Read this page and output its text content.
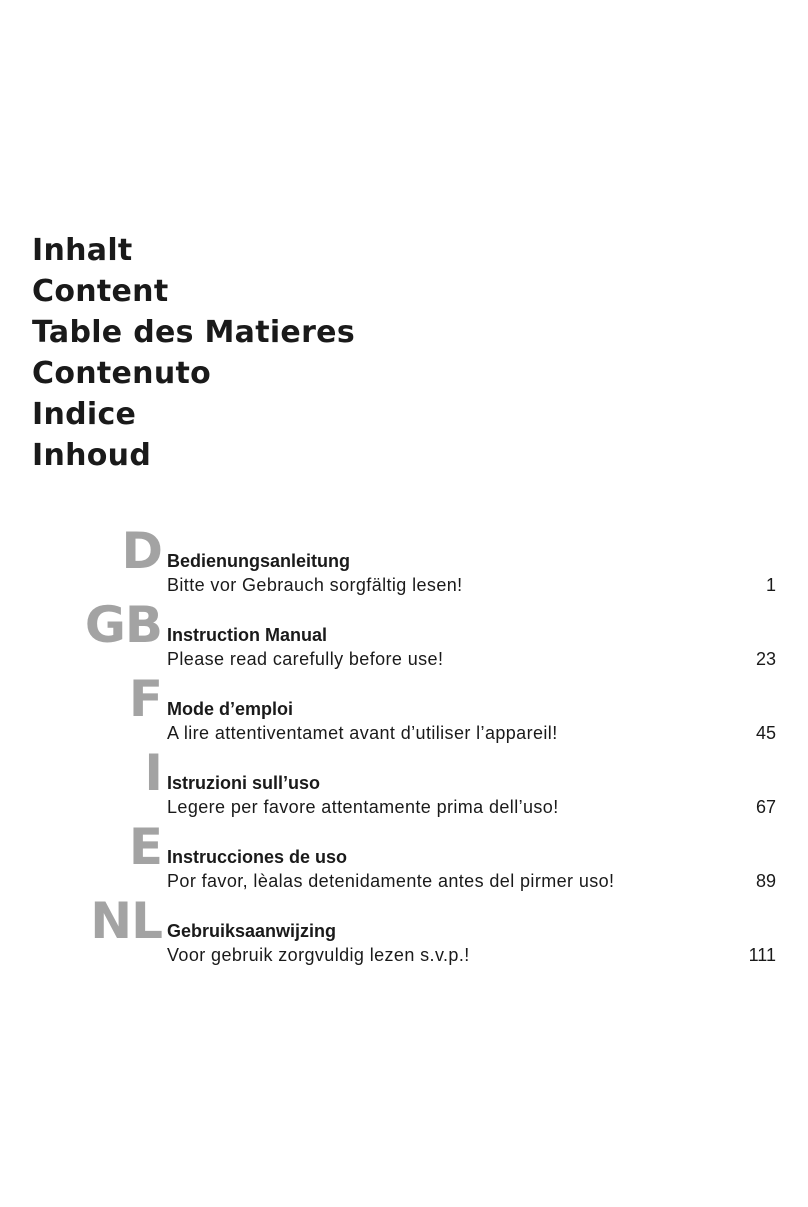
Inhalt
Content
Table des Matieres
Contenuto
Indice
Inhoud
D Bedienungsanleitung
Bitte vor Gebrauch sorgfältig lesen!	1
GB Instruction Manual
Please read carefully before use!	23
F Mode d’emploi
A lire attentiventamet avant d’utiliser l’appareil!	45
I Istruzioni sull’uso
Legere per favore attentamente prima dell’uso!	67
E Instrucciones de uso
Por favor, lèalas detenidamente antes del pirmer uso!	89
NL Gebruiksaanwijzing
Voor gebruik zorgvuldig lezen s.v.p.!	111
